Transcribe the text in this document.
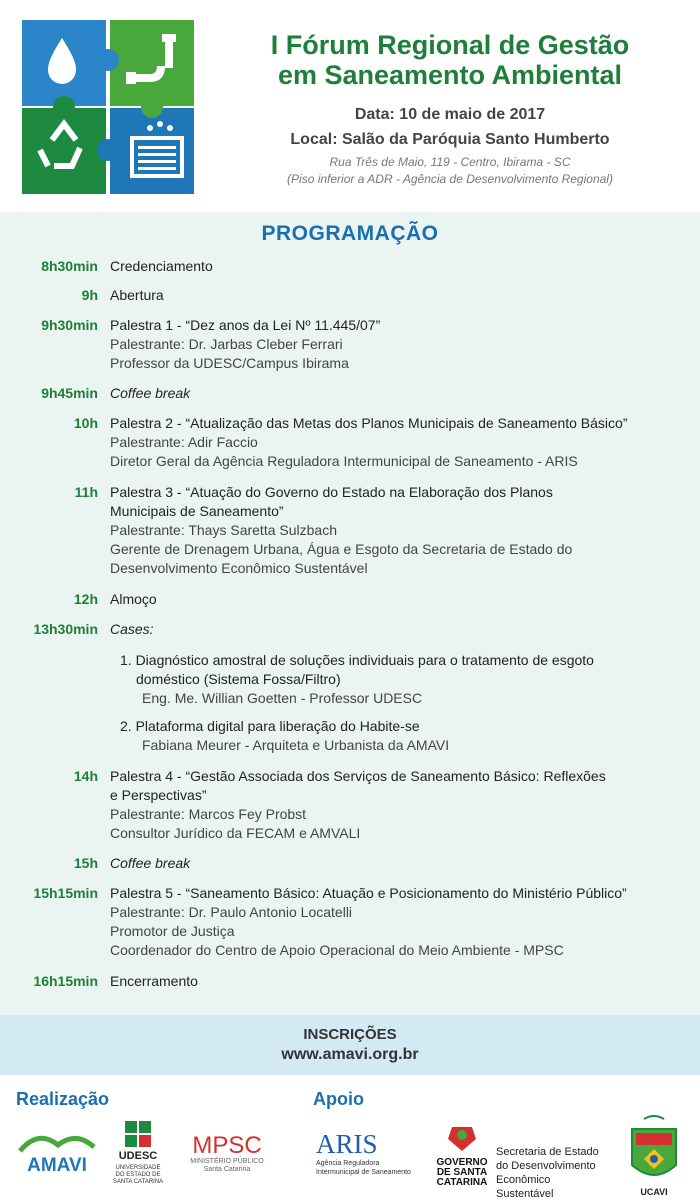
I Fórum Regional de Gestão
em Saneamento Ambiental
Data: 10 de maio de 2017
Local: Salão da Paróquia Santo Humberto
Rua Três de Maio, 119 - Centro, Ibirama - SC
(Piso inferior a ADR - Agência de Desenvolvimento Regional)
PROGRAMAÇÃO
8h30min Credenciamento
9h Abertura
9h30min Palestra 1 - “Dez anos da Lei Nº 11.445/07”
Palestrante: Dr. Jarbas Cleber Ferrari
Professor da UDESC/Campus Ibirama
9h45min Coffee break
10h Palestra 2 - “Atualização das Metas dos Planos Municipais de Saneamento Básico”
Palestrante: Adir Faccio
Diretor Geral da Agência Reguladora Intermunicipal de Saneamento - ARIS
11h Palestra 3 - “Atuação do Governo do Estado na Elaboração dos Planos
Municipais de Saneamento”
Palestrante: Thays Saretta Sulzbach
Gerente de Drenagem Urbana, Água e Esgoto da Secretaria de Estado do
Desenvolvimento Econômico Sustentável
12h Almoço
13h30min Cases:
1. Diagnóstico amostral de soluções individuais para o tratamento de esgoto
doméstico (Sistema Fossa/Filtro)
Eng. Me. Willian Goetten - Professor UDESC
2. Plataforma digital para liberação do Habite-se
Fabiana Meurer - Arquiteta e Urbanista da AMAVI
14h Palestra 4 - “Gestão Associada dos Serviços de Saneamento Básico: Reflexões
e Perspectivas”
Palestrante: Marcos Fey Probst
Consultor Jurídico da FECAM e AMVALI
15h Coffee break
15h15min Palestra 5 - “Saneamento Básico: Atuação e Posicionamento do Ministério Público”
Palestrante: Dr. Paulo Antonio Locatelli
Promotor de Justiça
Coordenador do Centro de Apoio Operacional do Meio Ambiente - MPSC
16h15min Encerramento
INSCRIÇÕES
www.amavi.org.br
Realização	Apoio
AMAVI	UDESC
UNIVERSIDADE
DO ESTADO DE
SANTA CATARINA
MPSC
MINISTÉRIO PÚBLICO
Santa Catarina
ARIS
Agência Reguladora
Intermunicipal de Saneamento
GOVERNO
DE SANTA
CATARINA
Secretaria de Estado
do Desenvolvimento
Econômico Sustentável	UCAVI
